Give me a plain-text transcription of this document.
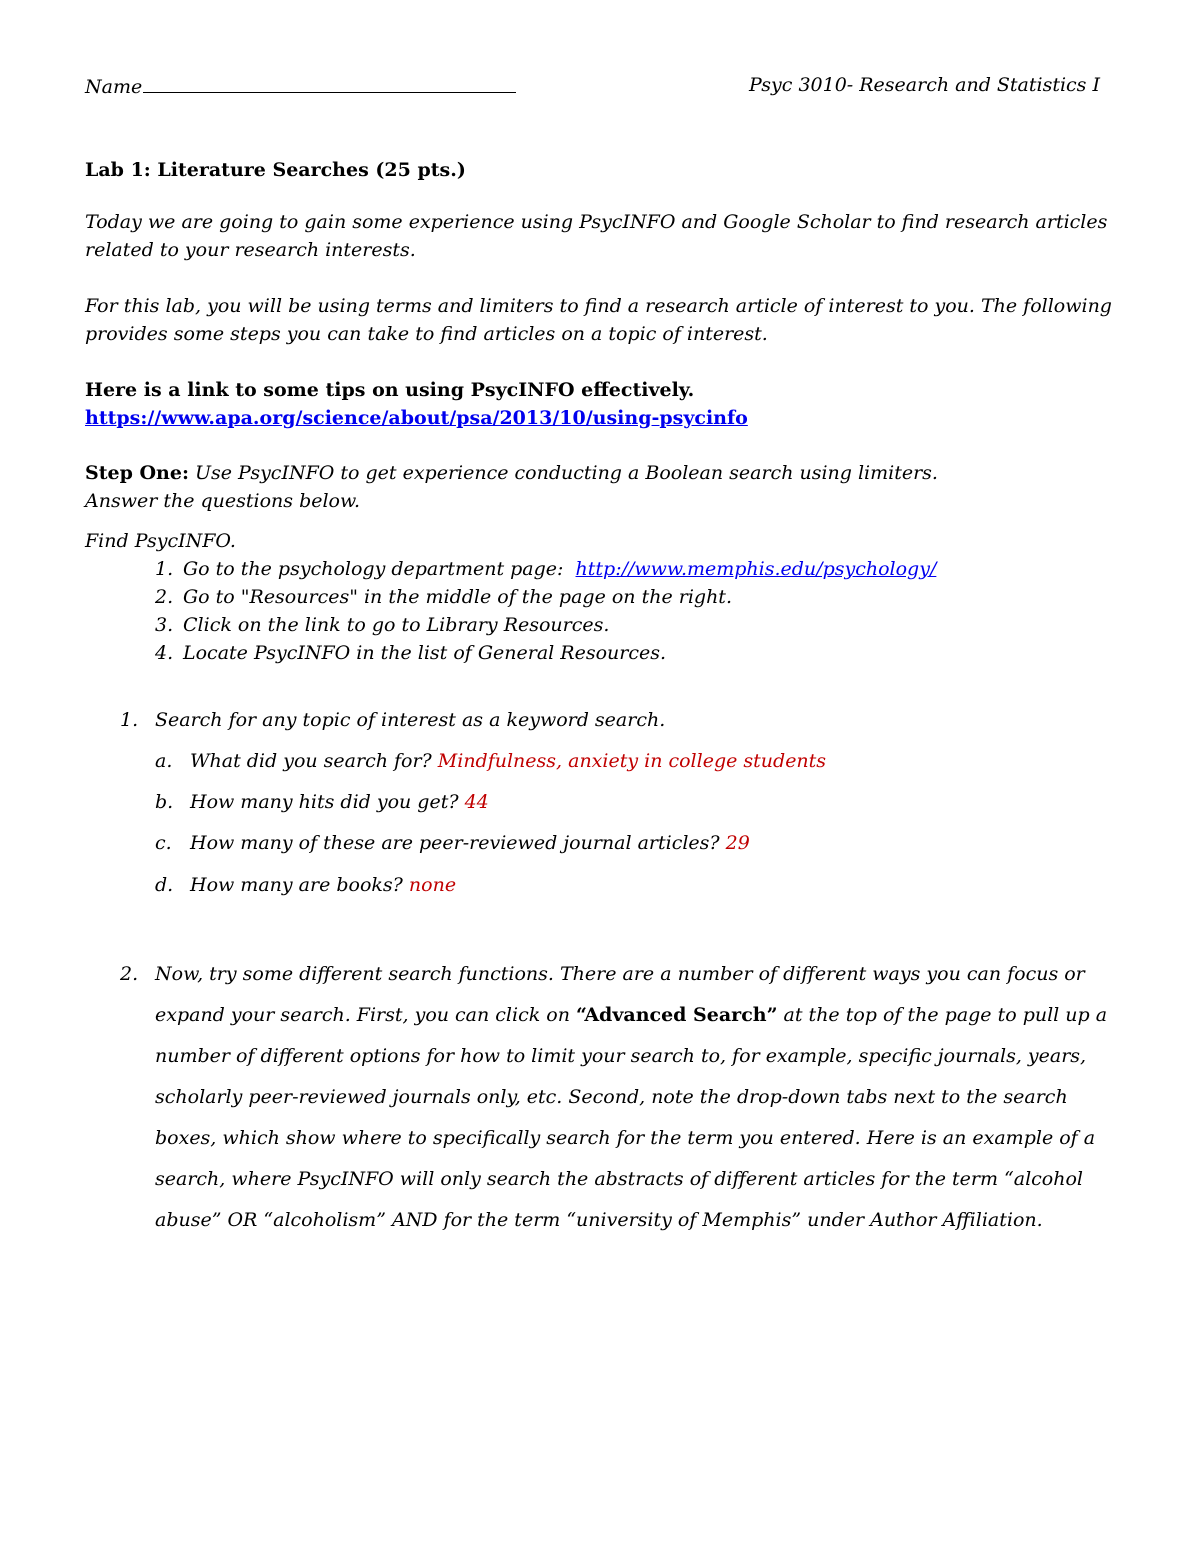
Name	Psyc 3010- Research and Statistics I
Lab 1: Literature Searches (25 pts.)
Today we are going to gain some experience using PsycINFO and Google Scholar to find research articles related to your research interests.
For this lab, you will be using terms and limiters to find a research article of interest to you. The following provides some steps you can take to find articles on a topic of interest.
Here is a link to some tips on using PsycINFO effectively.
https://www.apa.org/science/about/psa/2013/10/using-psycinfo
Step One: Use PsycINFO to get experience conducting a Boolean search using limiters.
Answer the questions below.
Find PsycINFO.
1. Go to the psychology department page: http://www.memphis.edu/psychology/
2. Go to "Resources" in the middle of the page on the right.
3. Click on the link to go to Library Resources.
4. Locate PsycINFO in the list of General Resources.
1. Search for any topic of interest as a keyword search.
a. What did you search for? Mindfulness, anxiety in college students
b. How many hits did you get? 44
c. How many of these are peer-reviewed journal articles? 29
d. How many are books? none
2. Now, try some different search functions. There are a number of different ways you can focus or expand your search. First, you can click on “Advanced Search” at the top of the page to pull up a number of different options for how to limit your search to, for example, specific journals, years, scholarly peer-reviewed journals only, etc. Second, note the drop-down tabs next to the search boxes, which show where to specifically search for the term you entered. Here is an example of a search, where PsycINFO will only search the abstracts of different articles for the term “alcohol abuse” OR “alcoholism” AND for the term “university of Memphis” under Author Affiliation.
